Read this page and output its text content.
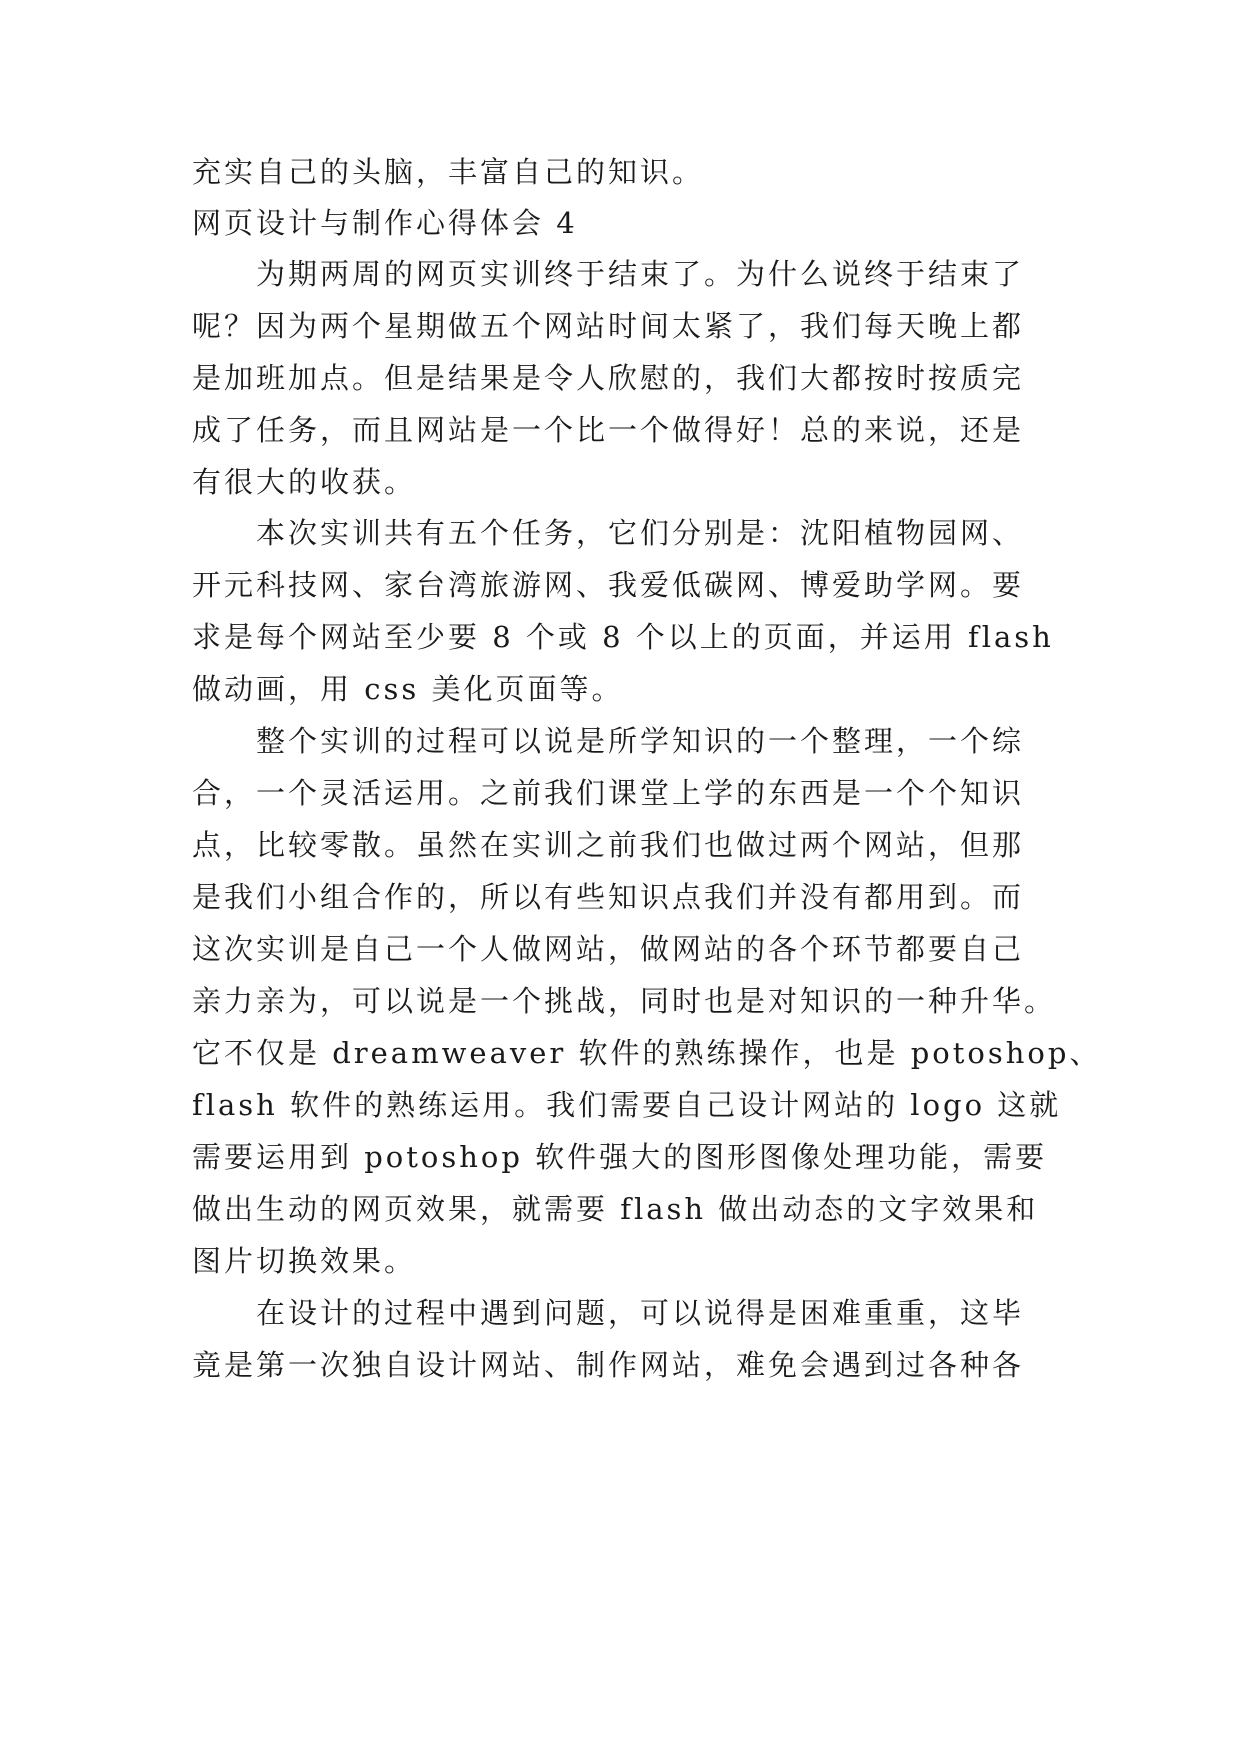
充实自己的头脑，丰富自己的知识。
网页设计与制作心得体会 4
　　为期两周的网页实训终于结束了。为什么说终于结束了
呢？因为两个星期做五个网站时间太紧了，我们每天晚上都
是加班加点。但是结果是令人欣慰的，我们大都按时按质完
成了任务，而且网站是一个比一个做得好！总的来说，还是
有很大的收获。
　　本次实训共有五个任务，它们分别是：沈阳植物园网、
开元科技网、家台湾旅游网、我爱低碳网、博爱助学网。要
求是每个网站至少要 8 个或 8 个以上的页面，并运用 flash
做动画，用 css 美化页面等。
　　整个实训的过程可以说是所学知识的一个整理，一个综
合，一个灵活运用。之前我们课堂上学的东西是一个个知识
点，比较零散。虽然在实训之前我们也做过两个网站，但那
是我们小组合作的，所以有些知识点我们并没有都用到。而
这次实训是自己一个人做网站，做网站的各个环节都要自己
亲力亲为，可以说是一个挑战，同时也是对知识的一种升华。
它不仅是 dreamweaver 软件的熟练操作，也是 potoshop、
flash 软件的熟练运用。我们需要自己设计网站的 logo 这就
需要运用到 potoshop 软件强大的图形图像处理功能，需要
做出生动的网页效果，就需要 flash 做出动态的文字效果和
图片切换效果。
　　在设计的过程中遇到问题，可以说得是困难重重，这毕
竟是第一次独自设计网站、制作网站，难免会遇到过各种各
